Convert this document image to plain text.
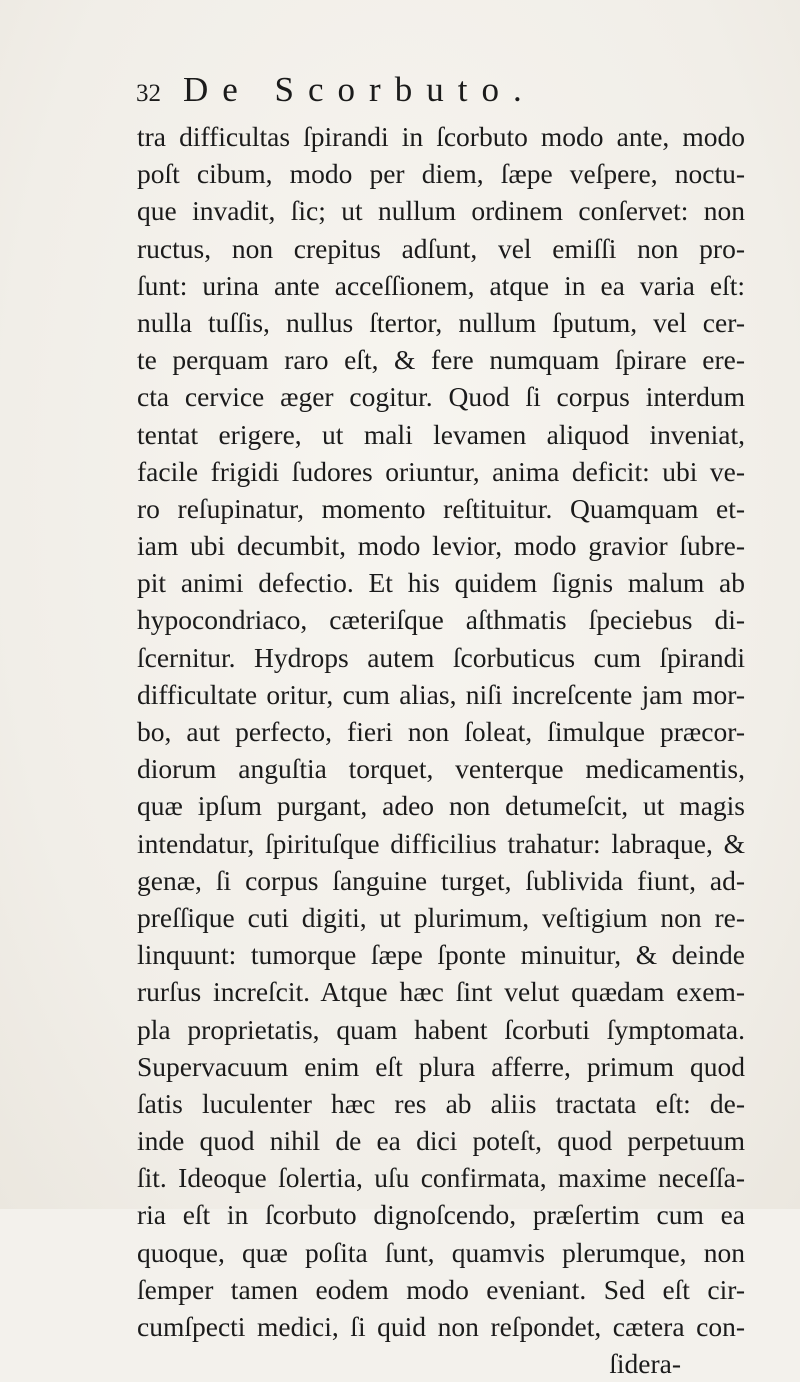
32 De Scorbuto.
tra difficultas ſpirandi in ſcorbuto modo ante, modo
poſt cibum, modo per diem, ſæpe veſpere, noctu-
que invadit, ſic; ut nullum ordinem conſervet: non
ructus, non crepitus adſunt, vel emiſſi non pro-
ſunt: urina ante acceſſionem, atque in ea varia eſt:
nulla tuſſis, nullus ſtertor, nullum ſputum, vel cer-
te perquam raro eſt, & fere numquam ſpirare ere-
cta cervice æger cogitur. Quod ſi corpus interdum
tentat erigere, ut mali levamen aliquod inveniat,
facile frigidi ſudores oriuntur, anima deficit: ubi ve-
ro reſupinatur, momento reſtituitur. Quamquam et-
iam ubi decumbit, modo levior, modo gravior ſubre-
pit animi defectio. Et his quidem ſignis malum ab
hypocondriaco, cæteriſque aſthmatis ſpeciebus di-
ſcernitur. Hydrops autem ſcorbuticus cum ſpirandi
difficultate oritur, cum alias, niſi increſcente jam mor-
bo, aut perfecto, fieri non ſoleat, ſimulque præcor-
diorum anguſtia torquet, venterque medicamentis,
quæ ipſum purgant, adeo non detumeſcit, ut magis
intendatur, ſpirituſque difficilius trahatur: labraque, &
genæ, ſi corpus ſanguine turget, ſublivida fiunt, ad-
preſſique cuti digiti, ut plurimum, veſtigium non re-
linquunt: tumorque ſæpe ſponte minuitur, & deinde
rurſus increſcit. Atque hæc ſint velut quædam exem-
pla proprietatis, quam habent ſcorbuti ſymptomata.
Supervacuum enim eſt plura afferre, primum quod
ſatis luculenter hæc res ab aliis tractata eſt: de-
inde quod nihil de ea dici poteſt, quod perpetuum
ſit. Ideoque ſolertia, uſu confirmata, maxime neceſſa-
ria eſt in ſcorbuto dignoſcendo, præſertim cum ea
quoque, quæ poſita ſunt, quamvis plerumque, non
ſemper tamen eodem modo eveniant. Sed eſt cir-
cumſpecti medici, ſi quid non reſpondet, cætera con-
ſidera-
